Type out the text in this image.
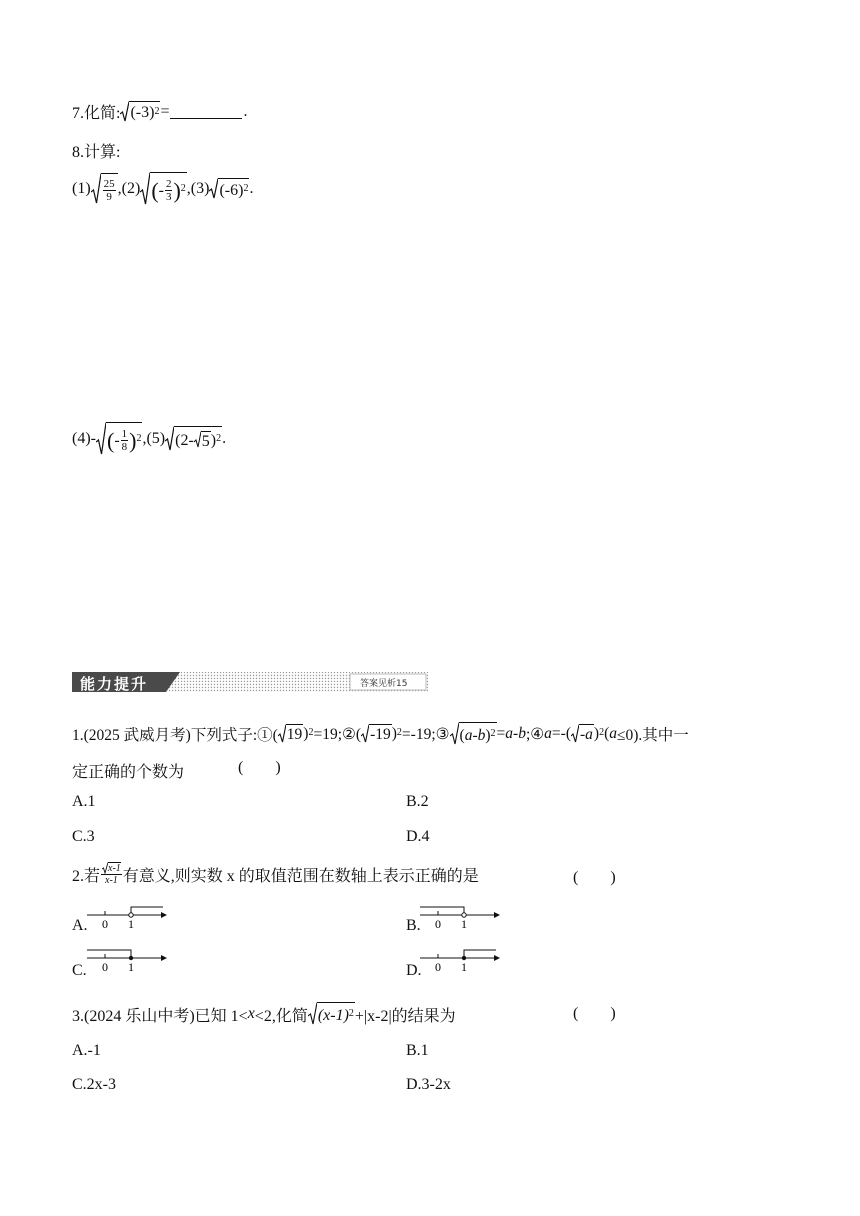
7.化简: $(-3)^2$ =	.
8.计算:
$(1) \frac{25}{9} ,(2)$ ( - $\frac{2}{3} )^2$ ,(3) $(-6)^2$ .
(4)- ( - $\frac{1}{8} )^2$ ,(5) (2- 5 )$^2$ .
能力提升	答案见析15
1.(2025 武威月考)下列式子:①( 19 )$^2$ =19;②( -19 )$^2$ =-19;③ ( a - b )$^2$ = a - b ;④ a =-( -a )$^2$ ( a ≤0).其中一
定正确的个数为	(        )
A.1	B.2
C.3	D.4
2.若 $\frac{x-1}{x-1}$ 有意义,则实数 x 的取值范围在数轴上表示正确的是	(        )
A. 0 1	B. 0 1
C. 0 1	D. 0 1
3.(2024 乐山中考)已知 1< x <2,化简 $(x-1)^2 +|x-2|$的结果为	(        )
A.-1	B.1
C.2x-3	D.3-2x
